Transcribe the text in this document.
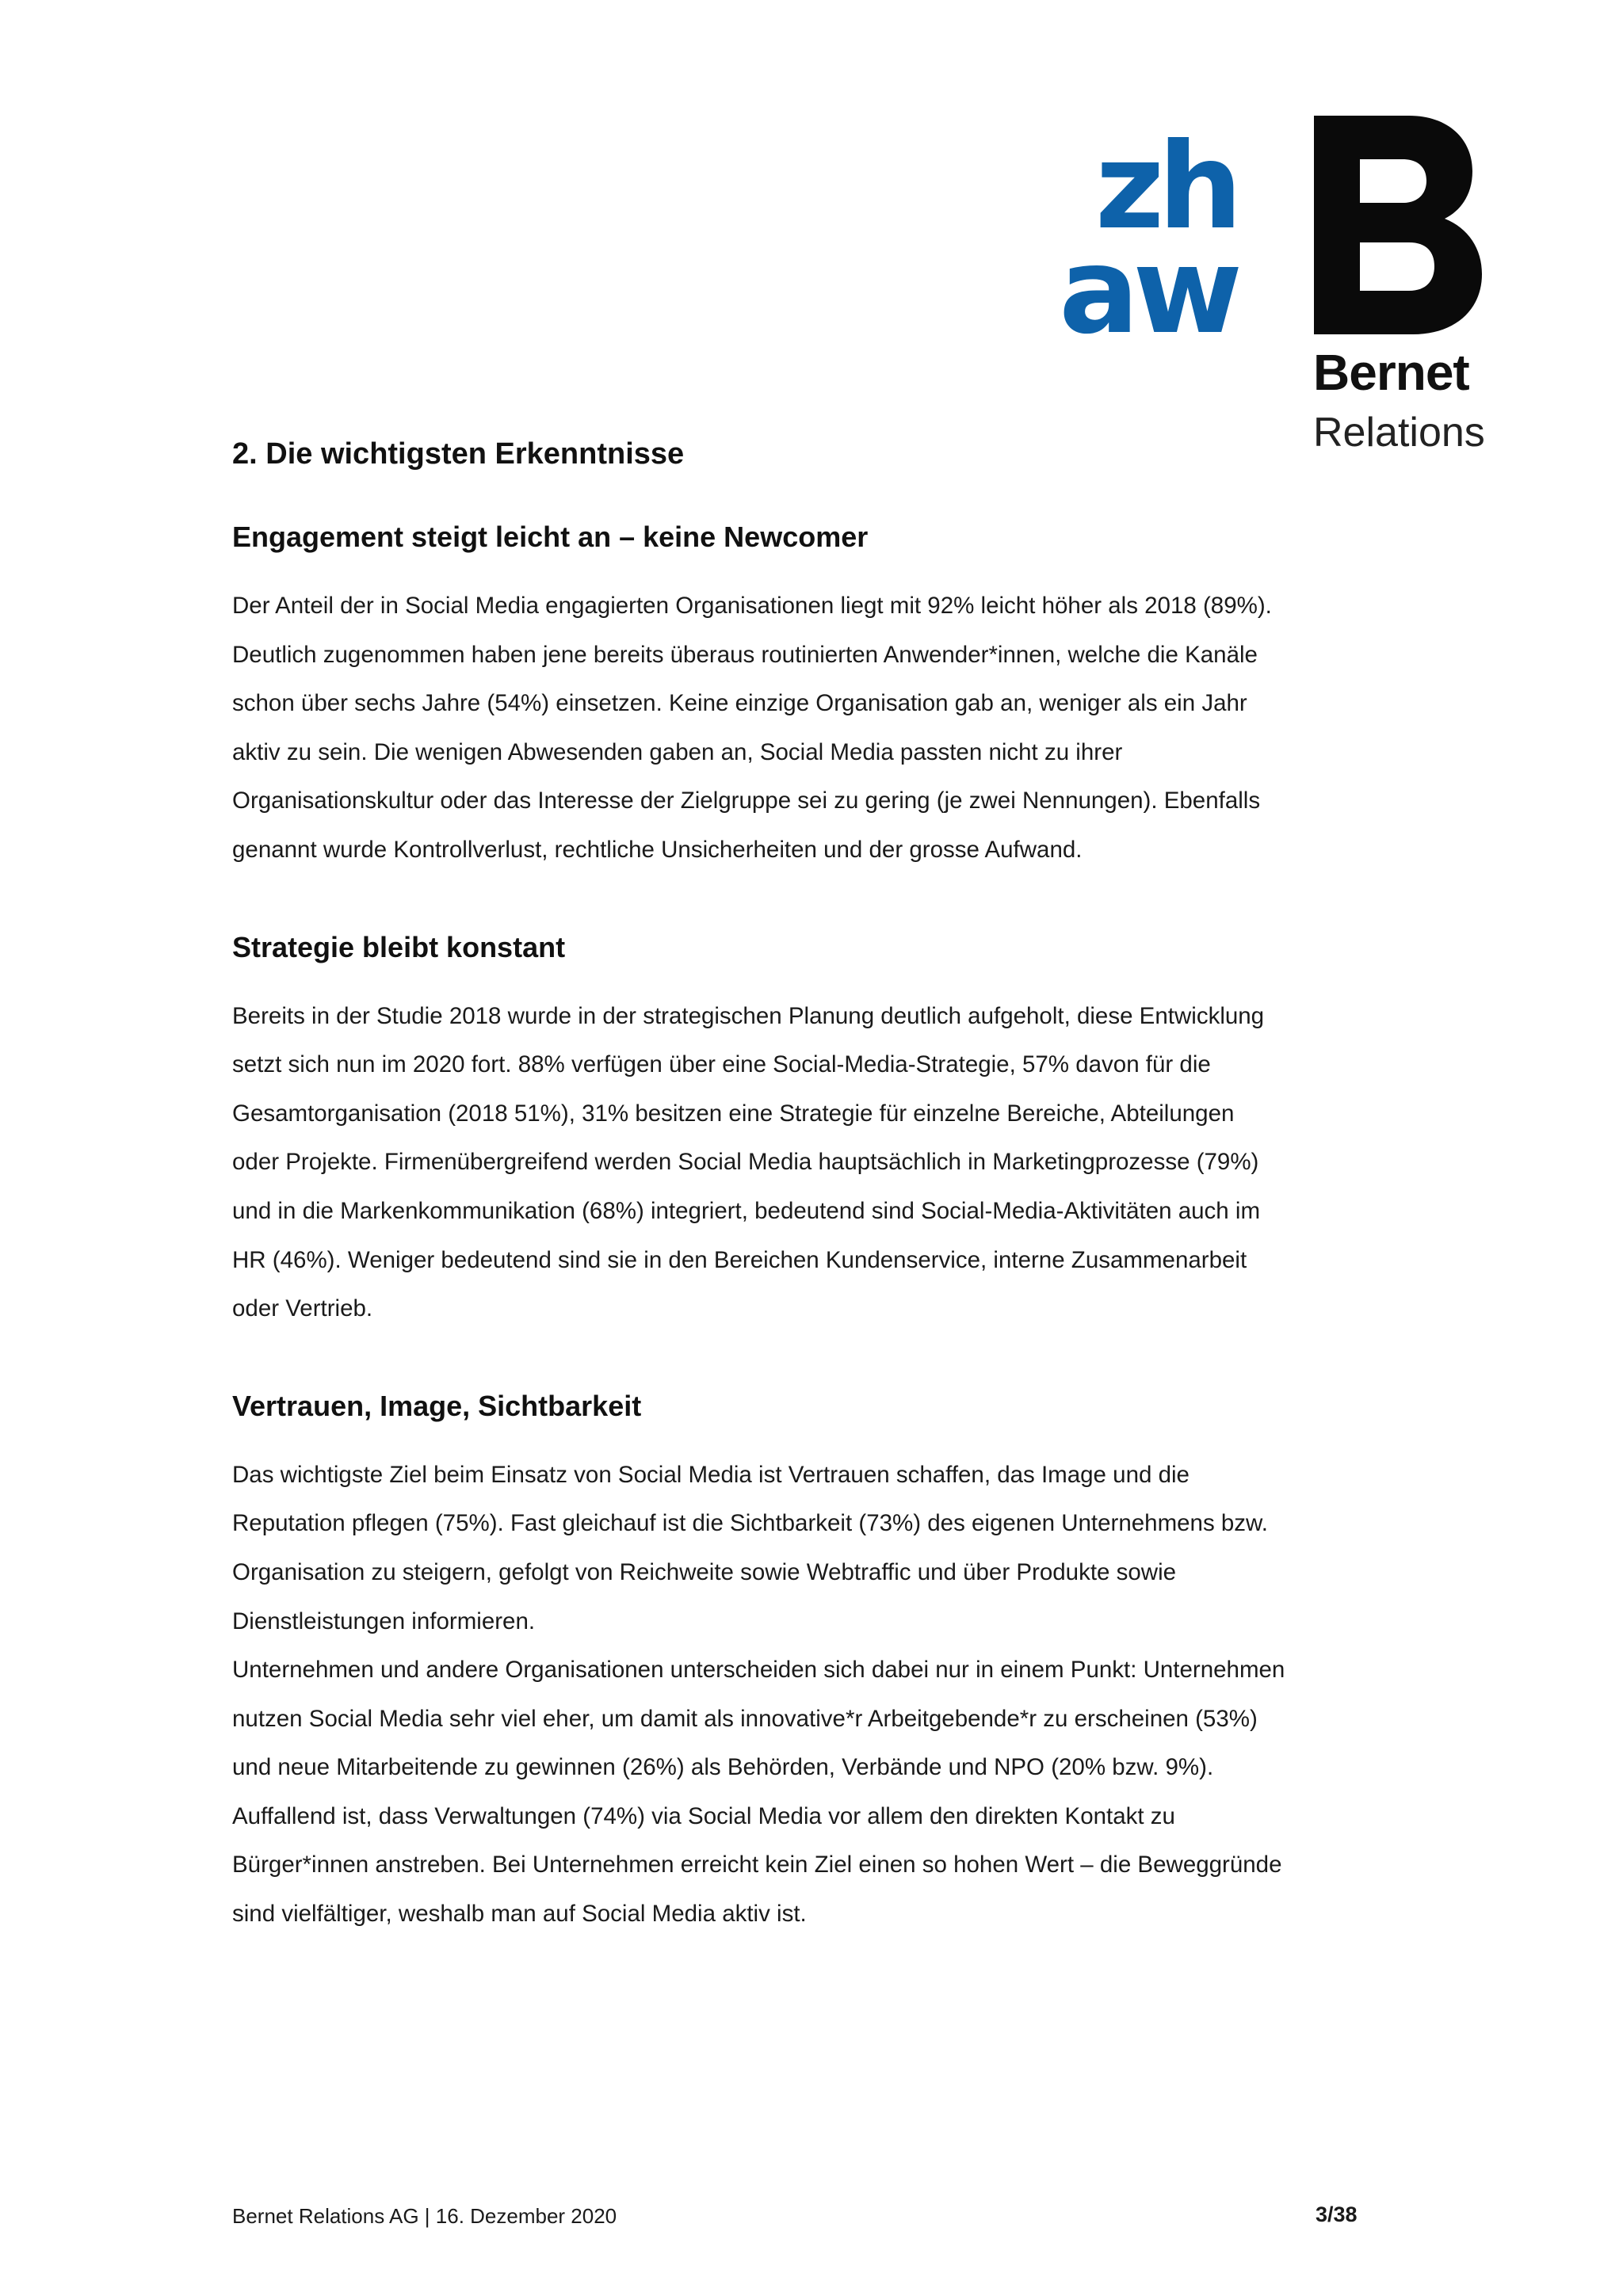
zh
aw
Bernet
Relations
2. Die wichtigsten Erkenntnisse
Engagement steigt leicht an – keine Newcomer

Der Anteil der in Social Media engagierten Organisationen liegt mit 92% leicht höher als 2018 (89%). Deutlich zugenommen haben jene bereits überaus routinierten Anwender*innen, welche die Kanäle schon über sechs Jahre (54%) einsetzen. Keine einzige Organisation gab an, weniger als ein Jahr aktiv zu sein. Die wenigen Abwesenden gaben an, Social Media passten nicht zu ihrer Organisationskultur oder das Interesse der Zielgruppe sei zu gering (je zwei Nennungen). Ebenfalls genannt wurde Kontrollverlust, rechtliche Unsicherheiten und der grosse Aufwand.

Strategie bleibt konstant

Bereits in der Studie 2018 wurde in der strategischen Planung deutlich aufgeholt, diese Entwicklung setzt sich nun im 2020 fort. 88% verfügen über eine Social-Media-Strategie, 57% davon für die Gesamtorganisation (2018 51%), 31% besitzen eine Strategie für einzelne Bereiche, Abteilungen oder Projekte. Firmenübergreifend werden Social Media hauptsächlich in Marketingprozesse (79%) und in die Markenkommunikation (68%) integriert, bedeutend sind Social-Media-Aktivitäten auch im HR (46%). Weniger bedeutend sind sie in den Bereichen Kundenservice, interne Zusammenarbeit oder Vertrieb.

Vertrauen, Image, Sichtbarkeit

Das wichtigste Ziel beim Einsatz von Social Media ist Vertrauen schaffen, das Image und die Reputation pflegen (75%). Fast gleichauf ist die Sichtbarkeit (73%) des eigenen Unternehmens bzw. Organisation zu steigern, gefolgt von Reichweite sowie Webtraffic und über Produkte sowie Dienstleistungen informieren.

Unternehmen und andere Organisationen unterscheiden sich dabei nur in einem Punkt: Unternehmen nutzen Social Media sehr viel eher, um damit als innovative*r Arbeitgebende*r zu erscheinen (53%) und neue Mitarbeitende zu gewinnen (26%) als Behörden, Verbände und NPO (20% bzw. 9%). Auffallend ist, dass Verwaltungen (74%) via Social Media vor allem den direkten Kontakt zu Bürger*innen anstreben. Bei Unternehmen erreicht kein Ziel einen so hohen Wert – die Beweggründe sind vielfältiger, weshalb man auf Social Media aktiv ist.

Bernet Relations AG | 16. Dezember 2020	3/38
